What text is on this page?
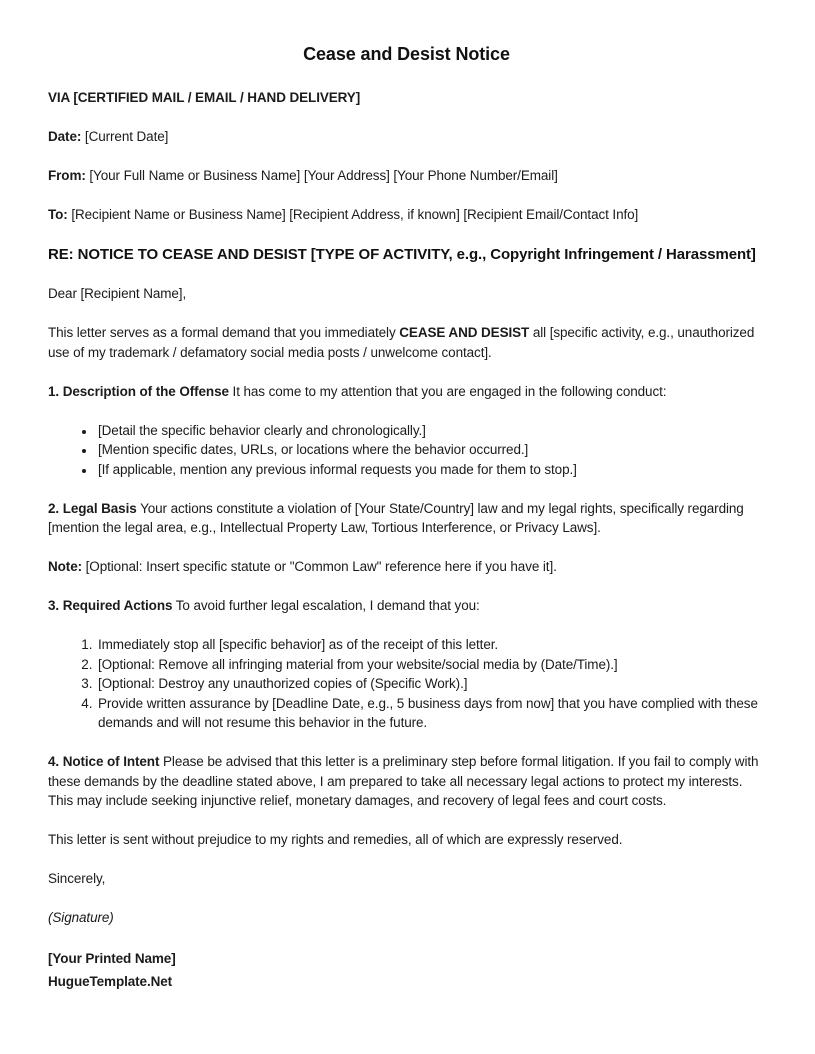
Cease and Desist Notice

VIA [CERTIFIED MAIL / EMAIL / HAND DELIVERY]

Date: [Current Date]

From: [Your Full Name or Business Name] [Your Address] [Your Phone Number/Email]

To: [Recipient Name or Business Name] [Recipient Address, if known] [Recipient Email/Contact Info]

RE: NOTICE TO CEASE AND DESIST [TYPE OF ACTIVITY, e.g., Copyright Infringement / Harassment]

Dear [Recipient Name],

This letter serves as a formal demand that you immediately CEASE AND DESIST all [specific activity, e.g., unauthorized use of my trademark / defamatory social media posts / unwelcome contact].

1. Description of the Offense It has come to my attention that you are engaged in the following conduct:

• [Detail the specific behavior clearly and chronologically.]
• [Mention specific dates, URLs, or locations where the behavior occurred.]
• [If applicable, mention any previous informal requests you made for them to stop.]

2. Legal Basis Your actions constitute a violation of [Your State/Country] law and my legal rights, specifically regarding [mention the legal area, e.g., Intellectual Property Law, Tortious Interference, or Privacy Laws].

Note: [Optional: Insert specific statute or "Common Law" reference here if you have it].

3. Required Actions To avoid further legal escalation, I demand that you:

1. Immediately stop all [specific behavior] as of the receipt of this letter.
2. [Optional: Remove all infringing material from your website/social media by (Date/Time).]
3. [Optional: Destroy any unauthorized copies of (Specific Work).]
4. Provide written assurance by [Deadline Date, e.g., 5 business days from now] that you have complied with these demands and will not resume this behavior in the future.

4. Notice of Intent Please be advised that this letter is a preliminary step before formal litigation. If you fail to comply with these demands by the deadline stated above, I am prepared to take all necessary legal actions to protect my interests. This may include seeking injunctive relief, monetary damages, and recovery of legal fees and court costs.

This letter is sent without prejudice to my rights and remedies, all of which are expressly reserved.

Sincerely,

(Signature)

[Your Printed Name]

HugueTemplate.Net
